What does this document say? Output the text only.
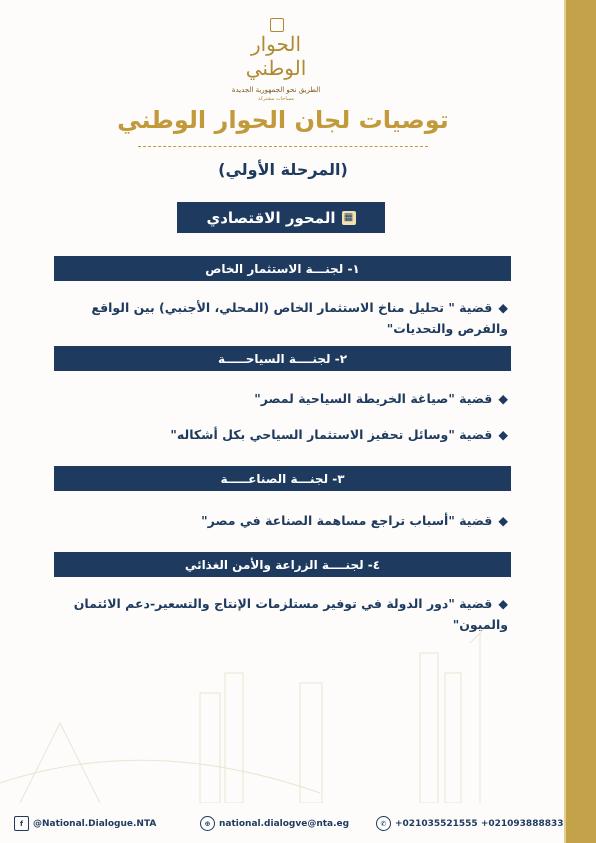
الحوار الوطني
الطريق نحو الجمهورية الجديدة
مساحات مشتركة
توصيات لجان الحوار الوطني
(المرحلة الأولي)
▦
المحور الاقتصادي
١- لجنـــة الاستثمار الخاص
◆قضية " تحليل مناخ الاستثمار الخاص (المحلي، الأجنبي) بين الواقع والفرص والتحديات"
٢- لجنــــة السياحـــــة
◆قضية "صياغة الخريطة السياحية لمصر"
◆قضية "وسائل تحفيز الاستثمار السياحي بكل أشكاله"
٣- لجنـــة الصناعـــــة
◆قضية "أسباب تراجع مساهمة الصناعة في مصر"
٤- لجنــــة الزراعة والأمن الغذائي
◆قضية "دور الدولة في توفير مستلزمات الإنتاج والتسعير-دعم الائتمان والميون"
f	@National.Dialogue.NTA	⊕ national.dialogve@nta.eg	✆ +021035521555 +021093888833
